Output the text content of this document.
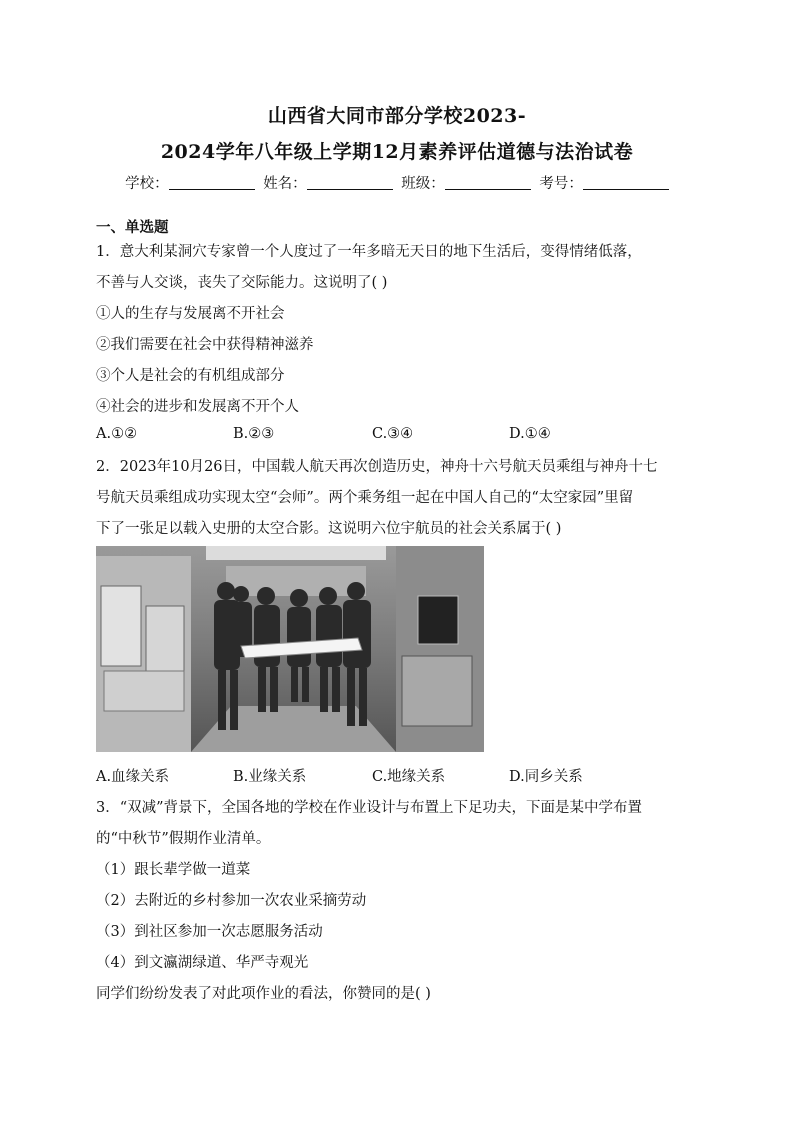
山西省大同市部分学校2023-
2024学年八年级上学期12月素养评估道德与法治试卷
学校：	姓名：	班级：	考号：
一、单选题
1．意大利某洞穴专家曾一个人度过了一年多暗无天日的地下生活后，变得情绪低落，
不善与人交谈，丧失了交际能力。这说明了( )
①人的生存与发展离不开社会
②我们需要在社会中获得精神滋养
③个人是社会的有机组成部分
④社会的进步和发展离不开个人
A.①②	B.②③	C.③④	D.①④
2．2023年10月26日，中国载人航天再次创造历史，神舟十六号航天员乘组与神舟十七
号航天员乘组成功实现太空“会师”。两个乘务组一起在中国人自己的“太空家园”里留
下了一张足以载入史册的太空合影。这说明六位宇航员的社会关系属于( )
A.血缘关系	B.业缘关系	C.地缘关系	D.同乡关系
3．“双减”背景下，全国各地的学校在作业设计与布置上下足功夫，下面是某中学布置
的“中秋节”假期作业清单。
（1）跟长辈学做一道菜
（2）去附近的乡村参加一次农业采摘劳动
（3）到社区参加一次志愿服务活动
（4）到文瀛湖绿道、华严寺观光
同学们纷纷发表了对此项作业的看法，你赞同的是( )
